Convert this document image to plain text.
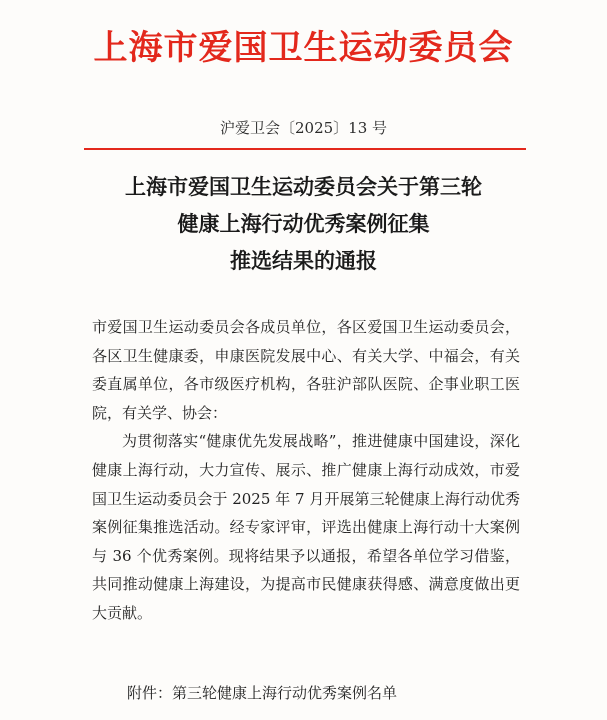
上海市爱国卫生运动委员会
沪爱卫会〔2025〕13 号
上海市爱国卫生运动委员会关于第三轮
健康上海行动优秀案例征集
推选结果的通报

市爱国卫生运动委员会各成员单位，各区爱国卫生运动委员会，各区卫生健康委，申康医院发展中心、有关大学、中福会，有关委直属单位，各市级医疗机构，各驻沪部队医院、企事业职工医院，有关学、协会：

为贯彻落实“健康优先发展战略”，推进健康中国建设，深化健康上海行动，大力宣传、展示、推广健康上海行动成效，市爱国卫生运动委员会于 2025 年 7 月开展第三轮健康上海行动优秀案例征集推选活动。经专家评审，评选出健康上海行动十大案例与 36 个优秀案例。现将结果予以通报，希望各单位学习借鉴，共同推动健康上海建设，为提高市民健康获得感、满意度做出更大贡献。

附件：第三轮健康上海行动优秀案例名单
